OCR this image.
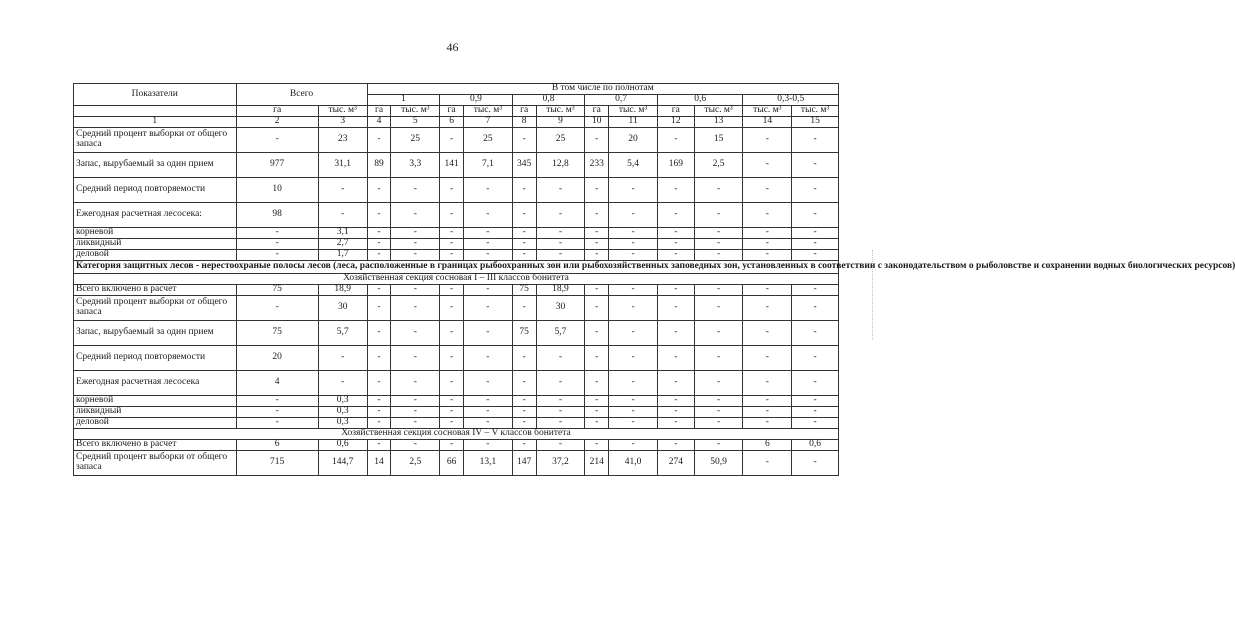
46
Показатели	Всего		В том числе по полнотам											
			1		0,9		0,8		0,7		0,6		0,3-0,5	
	га	тыс. м³	га	тыс. м³	га	тыс. м³	га	тыс. м³	га	тыс. м³	га	тыс. м³	тыс. м³	тыс. м³
1	2	3	4	5	6	7	8	9	10	11	12	13	14	15
Средний процент выборки от общего запаса	-	23	-	25	-	25	-	25	-	20	-	15	-	-
Запас, вырубаемый за один прием	977	31,1	89	3,3	141	7,1	345	12,8	233	5,4	169	2,5	-	-
Средний период повторяемости	10	-	-	-	-	-	-	-	-	-	-	-	-	-
Ежегодная расчетная лесосека:	98	-	-	-	-	-	-	-	-	-	-	-	-	-
корневой	-	3,1	-	-	-	-	-	-	-	-	-	-	-	-
ликвидный	-	2,7	-	-	-	-	-	-	-	-	-	-	-	-
деловой	-	1,7	-	-	-	-	-	-	-	-	-	-	-	-
Категория защитных лесов - нерестоохраные полосы лесов (леса, расположенные в границах рыбоохранных зон или рыбохозяйственных заповедных зон, установленных в соответствии с законодательством о рыболовстве и сохранении водных биологических ресурсов)														
Хозяйственная секция сосновая I – III классов бонитета														
Всего включено в расчет	75	18,9	-	-	-	-	75	18,9	-	-	-	-	-	-
Средний процент выборки от общего запаса	-	30	-	-	-	-	-	30	-	-	-	-	-	-
Запас, вырубаемый за один прием	75	5,7	-	-	-	-	75	5,7	-	-	-	-	-	-
Средний период повторяемости	20	-	-	-	-	-	-	-	-	-	-	-	-	-
Ежегодная расчетная лесосека	4	-	-	-	-	-	-	-	-	-	-	-	-	-
корневой	-	0,3	-	-	-	-	-	-	-	-	-	-	-	-
ликвидный	-	0,3	-	-	-	-	-	-	-	-	-	-	-	-
деловой	-	0,3	-	-	-	-	-	-	-	-	-	-	-	-
Хозяйственная секция сосновая IV – V классов бонитета														
Всего включено в расчет	6	0,6	-	-	-	-	-	-	-	-	-	-	6	0,6
Средний процент выборки от общего запаса	715	144,7	14	2,5	66	13,1	147	37,2	214	41,0	274	50,9	-	-
